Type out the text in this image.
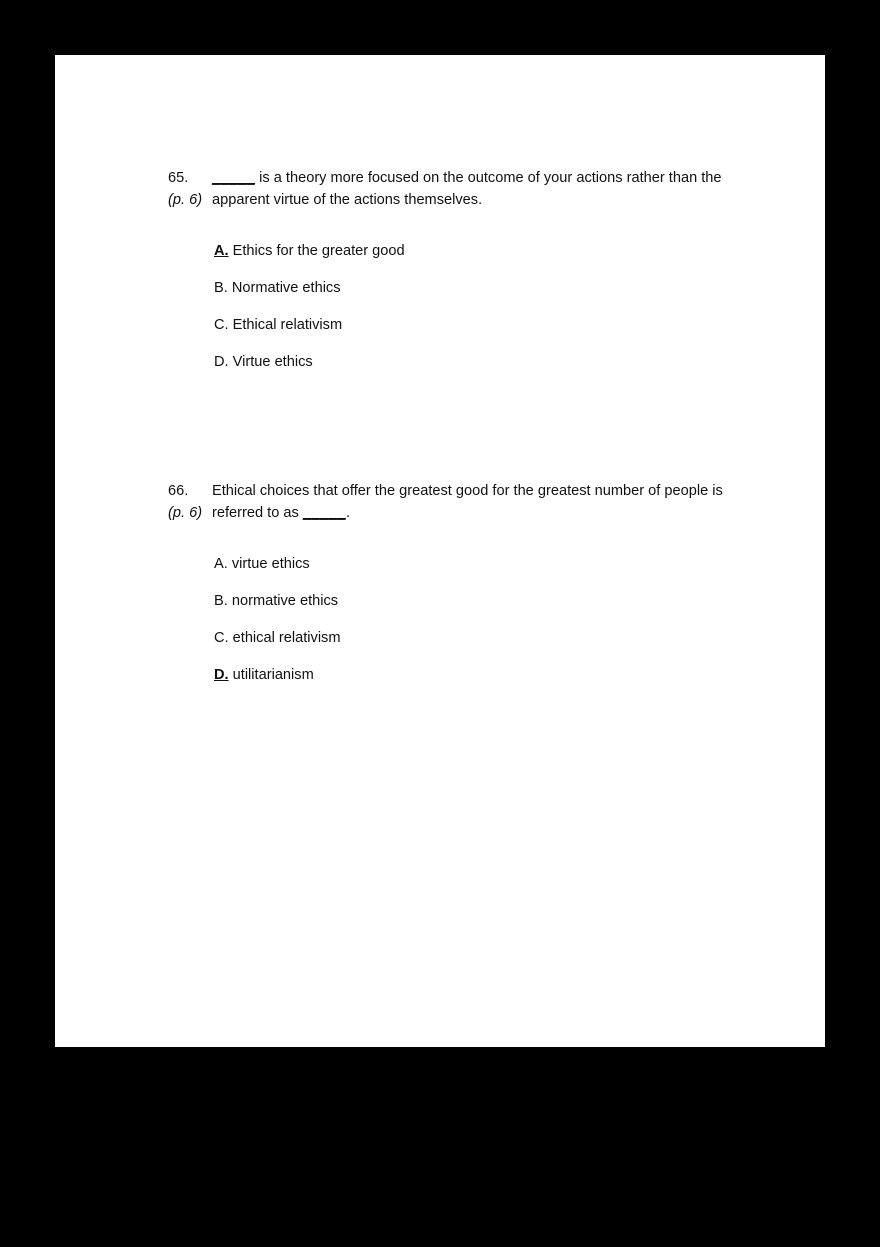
65. _____ is a theory more focused on the outcome of your actions rather than the
(p. 6) apparent virtue of the actions themselves.
A. Ethics for the greater good
B. Normative ethics
C. Ethical relativism
D. Virtue ethics
66. Ethical choices that offer the greatest good for the greatest number of people is
(p. 6) referred to as _____.
A. virtue ethics
B. normative ethics
C. ethical relativism
D. utilitarianism
